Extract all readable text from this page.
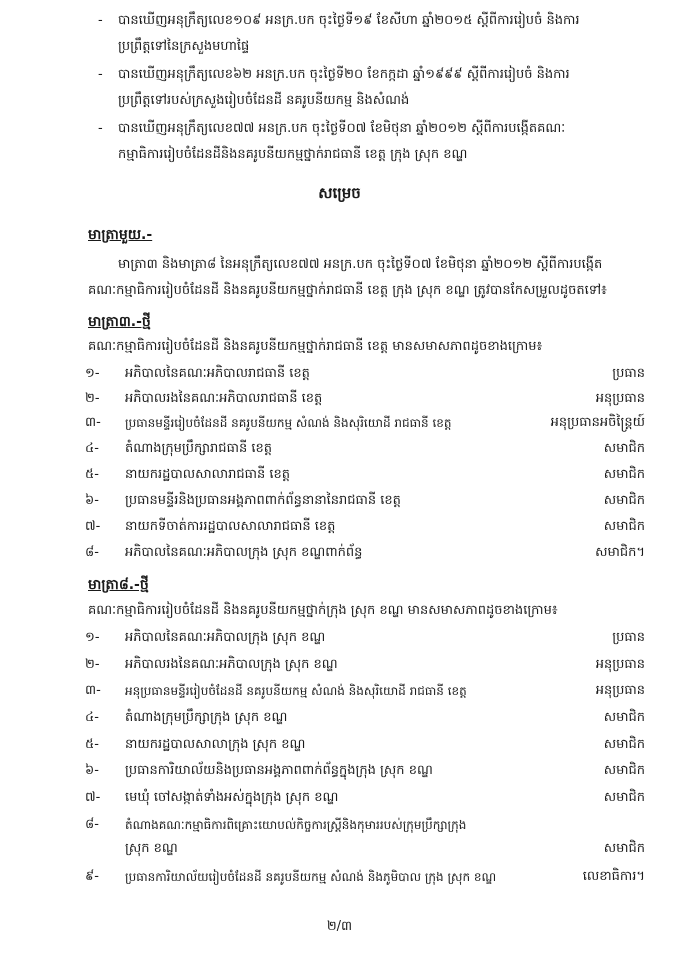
- បានឃើញអនុក្រឹត្យលេខ១០៩ អនក្រ.បក ចុះថ្ងៃទី១៩ ខែសីហា ឆ្នាំ២០១៥ ស្តីពីការរៀបចំ និងការ
ប្រព្រឹត្តទៅនៃក្រសួងមហាផ្ទៃ
- បានឃើញអនុក្រឹត្យលេខ៦២ អនក្រ.បក ចុះថ្ងៃទី២០ ខែកក្កដា ឆ្នាំ១៩៩៩ ស្តីពីការរៀបចំ និងការ
ប្រព្រឹត្តទៅរបស់ក្រសួងរៀបចំដែនដី នគរូបនីយកម្ម និងសំណង់
- បានឃើញអនុក្រឹត្យលេខ៧៧ អនក្រ.បក ចុះថ្ងៃទី០៧ ខែមិថុនា ឆ្នាំ២០១២ ស្តីពីការបង្កើតគណៈ
កម្មាធិការរៀបចំដែនដីនិងនគរូបនីយកម្មថ្នាក់រាជធានី ខេត្ត ក្រុង ស្រុក ខណ្ឌ
សម្រេច
មាត្រាមួយ.-
មាត្រា៣ និងមាត្រា៨ នៃអនុក្រឹត្យលេខ៧៧ អនក្រ.បក ចុះថ្ងៃទី០៧ ខែមិថុនា ឆ្នាំ២០១២ ស្តីពីការបង្កើត
គណៈកម្មាធិការរៀបចំដែនដី និងនគរូបនីយកម្មថ្នាក់រាជធានី ខេត្ត ក្រុង ស្រុក ខណ្ឌ ត្រូវបានកែសម្រួលដូចតទៅ៖
មាត្រា៣.-ថ្មី
គណៈកម្មាធិការរៀបចំដែនដី និងនគរូបនីយកម្មថ្នាក់រាជធានី ខេត្ត មានសមាសភាពដូចខាងក្រោម៖
១- អភិបាលនៃគណៈអភិបាលរាជធានី ខេត្ត	ប្រធាន
២- អភិបាលរងនៃគណៈអភិបាលរាជធានី ខេត្ត	អនុប្រធាន
៣- ប្រធានមន្ទីររៀបចំដែនដី នគរូបនីយកម្ម សំណង់ និងសុរិយោដី រាជធានី ខេត្ត	អនុប្រធានអចិន្ត្រៃយ៍
៤- តំណាងក្រុមប្រឹក្សារាជធានី ខេត្ត	សមាជិក
៥- នាយករដ្ឋបាលសាលារាជធានី ខេត្ត	សមាជិក
៦- ប្រធានមន្ទីរនិងប្រធានអង្គភាពពាក់ព័ន្ធនានានៃរាជធានី ខេត្ត	សមាជិក
៧- នាយកទីចាត់ការរដ្ឋបាលសាលារាជធានី ខេត្ត	សមាជិក
៨- អភិបាលនៃគណៈអភិបាលក្រុង ស្រុក ខណ្ឌពាក់ព័ន្ធ	សមាជិក។
មាត្រា៨.-ថ្មី
គណៈកម្មាធិការរៀបចំដែនដី និងនគរូបនីយកម្មថ្នាក់ក្រុង ស្រុក ខណ្ឌ មានសមាសភាពដូចខាងក្រោម៖
១- អភិបាលនៃគណៈអភិបាលក្រុង ស្រុក ខណ្ឌ	ប្រធាន
២- អភិបាលរងនៃគណៈអភិបាលក្រុង ស្រុក ខណ្ឌ	អនុប្រធាន
៣- អនុប្រធានមន្ទីររៀបចំដែនដី នគរូបនីយកម្ម សំណង់ និងសុរិយោដី រាជធានី ខេត្ត	អនុប្រធាន
៤- តំណាងក្រុមប្រឹក្សាក្រុង ស្រុក ខណ្ឌ	សមាជិក
៥- នាយករដ្ឋបាលសាលាក្រុង ស្រុក ខណ្ឌ	សមាជិក
៦- ប្រធានការិយាល័យនិងប្រធានអង្គភាពពាក់ព័ន្ធក្នុងក្រុង ស្រុក ខណ្ឌ	សមាជិក
៧- មេឃុំ ចៅសង្កាត់ទាំងអស់ក្នុងក្រុង ស្រុក ខណ្ឌ	សមាជិក
៨- តំណាងគណៈកម្មាធិការពិគ្រោះយោបល់កិច្ចការស្ត្រីនិងកុមាររបស់ក្រុមប្រឹក្សាក្រុង
ស្រុក ខណ្ឌ	សមាជិក
៩- ប្រធានការិយាល័យរៀបចំដែនដី នគរូបនីយកម្ម សំណង់ និងភូមិបាល ក្រុង ស្រុក ខណ្ឌ	លេខាធិការ។
២/៣
